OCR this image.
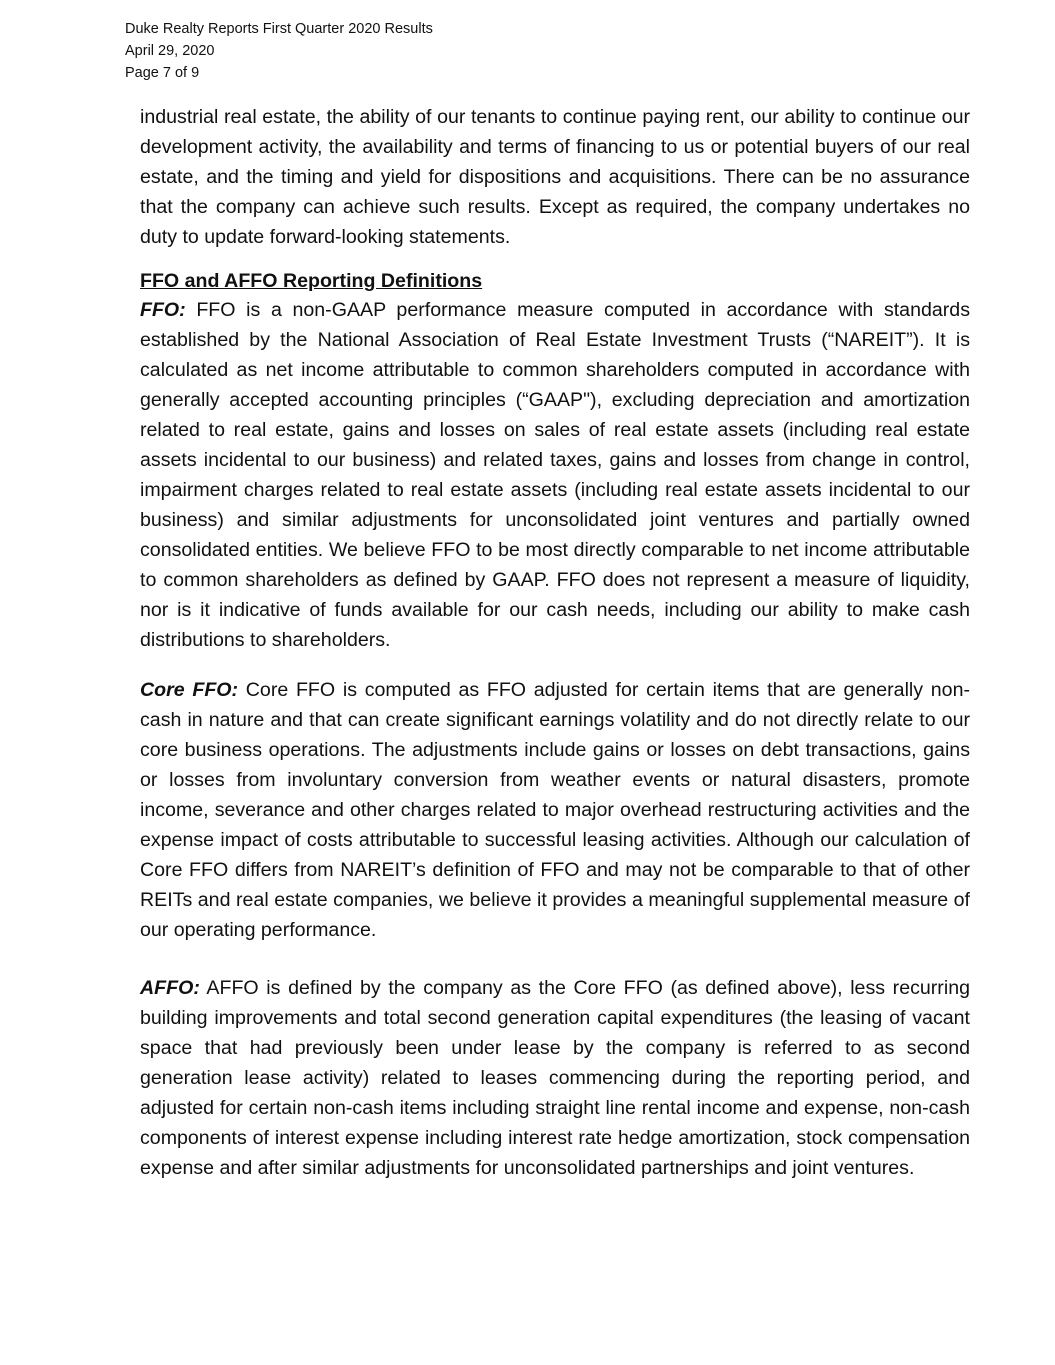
Duke Realty Reports First Quarter 2020 Results
April 29, 2020
Page 7 of 9

industrial real estate, the ability of our tenants to continue paying rent, our ability to continue our development activity, the availability and terms of financing to us or potential buyers of our real estate, and the timing and yield for dispositions and acquisitions. There can be no assurance that the company can achieve such results. Except as required, the company undertakes no duty to update forward-looking statements.

FFO and AFFO Reporting Definitions

FFO: FFO is a non-GAAP performance measure computed in accordance with standards established by the National Association of Real Estate Investment Trusts (“NAREIT”). It is calculated as net income attributable to common shareholders computed in accordance with generally accepted accounting principles (“GAAP"), excluding depreciation and amortization related to real estate, gains and losses on sales of real estate assets (including real estate assets incidental to our business) and related taxes, gains and losses from change in control, impairment charges related to real estate assets (including real estate assets incidental to our business) and similar adjustments for unconsolidated joint ventures and partially owned consolidated entities. We believe FFO to be most directly comparable to net income attributable to common shareholders as defined by GAAP. FFO does not represent a measure of liquidity, nor is it indicative of funds available for our cash needs, including our ability to make cash distributions to shareholders.

Core FFO: Core FFO is computed as FFO adjusted for certain items that are generally non-cash in nature and that can create significant earnings volatility and do not directly relate to our core business operations. The adjustments include gains or losses on debt transactions, gains or losses from involuntary conversion from weather events or natural disasters, promote income, severance and other charges related to major overhead restructuring activities and the expense impact of costs attributable to successful leasing activities. Although our calculation of Core FFO differs from NAREIT’s definition of FFO and may not be comparable to that of other REITs and real estate companies, we believe it provides a meaningful supplemental measure of our operating performance.

AFFO: AFFO is defined by the company as the Core FFO (as defined above), less recurring building improvements and total second generation capital expenditures (the leasing of vacant space that had previously been under lease by the company is referred to as second generation lease activity) related to leases commencing during the reporting period, and adjusted for certain non-cash items including straight line rental income and expense, non-cash components of interest expense including interest rate hedge amortization, stock compensation expense and after similar adjustments for unconsolidated partnerships and joint ventures.
